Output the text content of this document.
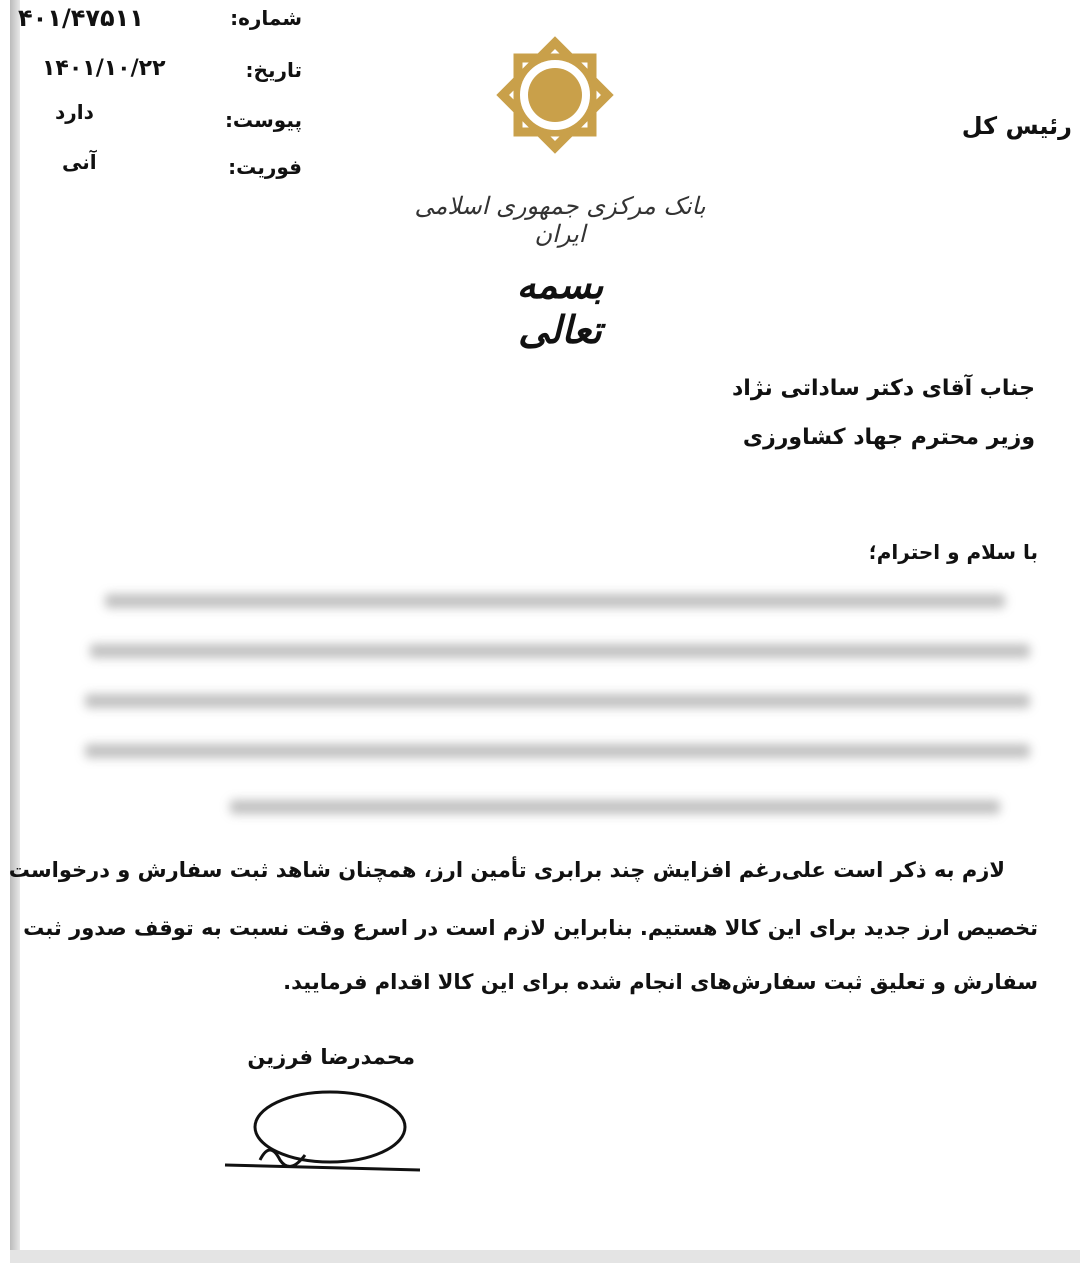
شماره:
۴۰۱/۴۷۵۱۱
تاریخ:
۱۴۰۱/۱۰/۲۲
پیوست:
دارد
فوریت:
آنی
رئیس کل
بانک مرکزی جمهوری اسلامی ایران
بسمه تعالی
جناب آقای دکتر ساداتی نژاد
وزیر محترم جهاد کشاورزی
با سلام و احترام؛
لازم به ذکر است علی‌رغم افزایش چند برابری تأمین ارز، همچنان شاهد ثبت سفارش و درخواست
تخصیص ارز جدید برای این کالا هستیم. بنابراین لازم است در اسرع وقت نسبت به توقف صدور ثبت
سفارش و تعلیق ثبت سفارش‌های انجام شده برای این کالا اقدام فرمایید.
محمدرضا فرزین
